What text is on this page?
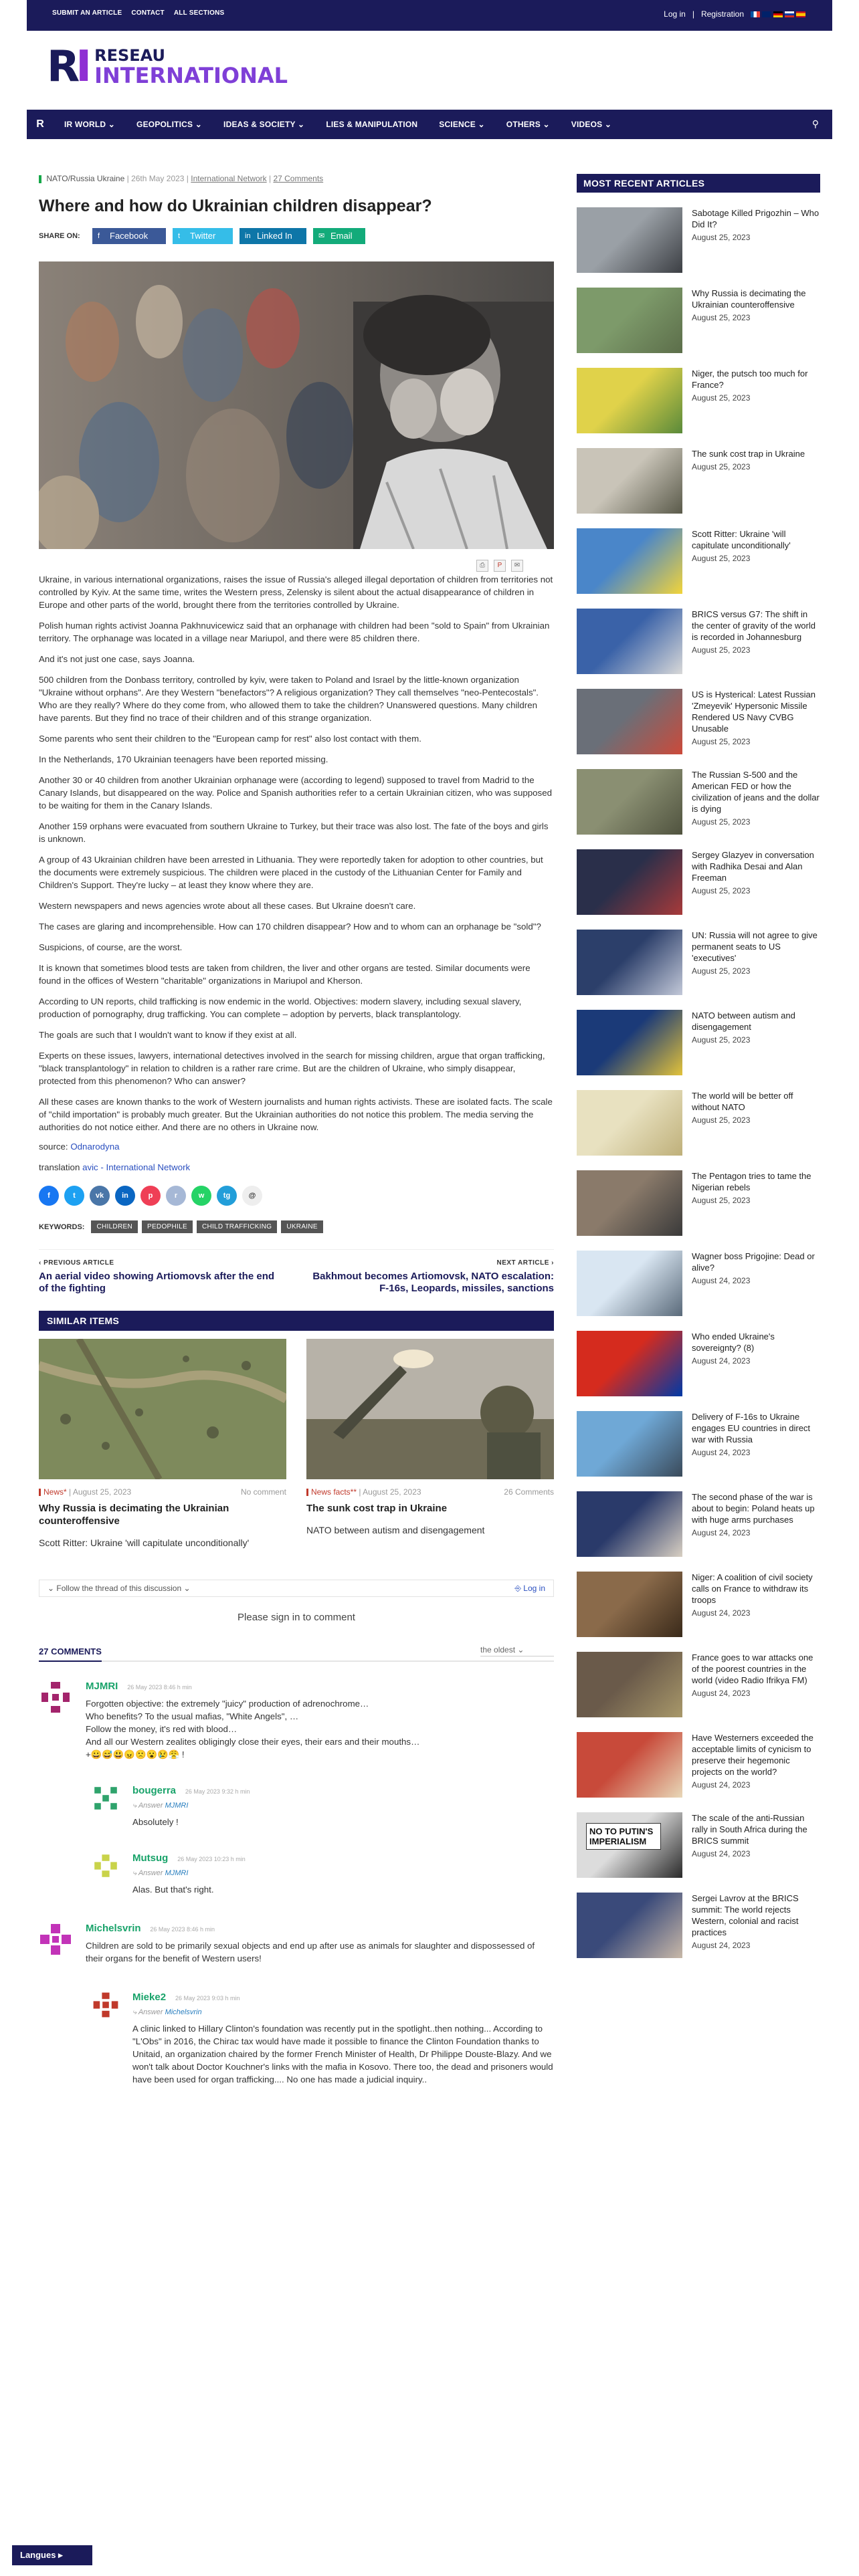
SUBMIT AN ARTICLE CONTACT ALL SECTIONS	Log in | Registration
RI RESEAU
INTERNATIONAL
R	IR WORLD ⌄	GEOPOLITICS ⌄	IDEAS & SOCIETY ⌄	LIES & MANIPULATION	SCIENCE ⌄	OTHERS ⌄	VIDEOS ⌄	⚲
NATO/Russia Ukraine | 26th May 2023 | International Network | 27 Comments
Where and how do Ukrainian children disappear?
SHARE ON:	f Facebook	t Twitter	in Linked In	✉ Email
⎙	P	✉

Ukraine, in various international organizations, raises the issue of Russia's alleged illegal deportation of children from territories not controlled by Kyiv. At the same time, writes the Western press, Zelensky is silent about the actual disappearance of children in Europe and other parts of the world, brought there from the territories controlled by Ukraine.

Polish human rights activist Joanna Pakhnuvicewicz said that an orphanage with children had been "sold to Spain" from Ukrainian territory. The orphanage was located in a village near Mariupol, and there were 85 children there.

And it's not just one case, says Joanna.

500 children from the Donbass territory, controlled by kyiv, were taken to Poland and Israel by the little-known organization "Ukraine without orphans". Are they Western "benefactors"? A religious organization? They call themselves "neo-Pentecostals". Who are they really? Where do they come from, who allowed them to take the children? Unanswered questions. Many children have parents. But they find no trace of their children and of this strange organization.

Some parents who sent their children to the "European camp for rest" also lost contact with them.

In the Netherlands, 170 Ukrainian teenagers have been reported missing.

Another 30 or 40 children from another Ukrainian orphanage were (according to legend) supposed to travel from Madrid to the Canary Islands, but disappeared on the way. Police and Spanish authorities refer to a certain Ukrainian citizen, who was supposed to be waiting for them in the Canary Islands.

Another 159 orphans were evacuated from southern Ukraine to Turkey, but their trace was also lost. The fate of the boys and girls is unknown.

A group of 43 Ukrainian children have been arrested in Lithuania. They were reportedly taken for adoption to other countries, but the documents were extremely suspicious. The children were placed in the custody of the Lithuanian Center for Family and Children's Support. They're lucky – at least they know where they are.

Western newspapers and news agencies wrote about all these cases. But Ukraine doesn't care.

The cases are glaring and incomprehensible. How can 170 children disappear? How and to whom can an orphanage be "sold"?

Suspicions, of course, are the worst.

It is known that sometimes blood tests are taken from children, the liver and other organs are tested. Similar documents were found in the offices of Western "charitable" organizations in Mariupol and Kherson.

According to UN reports, child trafficking is now endemic in the world. Objectives: modern slavery, including sexual slavery, production of pornography, drug trafficking. You can complete – adoption by perverts, black transplantology.

The goals are such that I wouldn't want to know if they exist at all.

Experts on these issues, lawyers, international detectives involved in the search for missing children, argue that organ trafficking, "black transplantology" in relation to children is a rather rare crime. But are the children of Ukraine, who simply disappear, protected from this phenomenon? Who can answer?

All these cases are known thanks to the work of Western journalists and human rights activists. These are isolated facts. The scale of "child importation" is probably much greater. But the Ukrainian authorities do not notice this problem. The media serving the authorities do not notice either. And there are no others in Ukraine now.

source: Odnarodyna
translation avic - International Network
f	t	vk	in	p	r	w	tg	@
KEYWORDS:	CHILDREN	PEDOPHILE	CHILD TRAFFICKING	UKRAINE
‹ PREVIOUS ARTICLE
An aerial video showing Artiomovsk after the end of the fighting
NEXT ARTICLE ›
Bakhmout becomes Artiomovsk, NATO escalation: F-16s, Leopards, missiles, sanctions
SIMILAR ITEMS
News* | August 25, 2023	No comment
Why Russia is decimating the Ukrainian counteroffensive
Scott Ritter: Ukraine 'will capitulate unconditionally'
News facts** | August 25, 2023	26 Comments
The sunk cost trap in Ukraine
NATO between autism and disengagement
⌄ Follow the thread of this discussion ⌄	⎆ Log in
Please sign in to comment
27 COMMENTS	the oldest ⌄
MJMRI 26 May 2023 8:46 h min
Forgotten objective: the extremely "juicy" production of adrenochrome…
Who benefits? To the usual mafias, "White Angels", …
Follow the money, it's red with blood…
And all our Western zealites obligingly close their eyes, their ears and their mouths…
+😀😅😃😠🙁😮😢😤 !
bougerra 26 May 2023 9:32 h min
⤷ Answer MJMRI
Absolutely !
Mutsug 26 May 2023 10:23 h min
⤷ Answer MJMRI
Alas. But that's right.
Michelsvrin 26 May 2023 8:46 h min
Children are sold to be primarily sexual objects and end up after use as animals for slaughter and dispossessed of their organs for the benefit of Western users!
Mieke2 26 May 2023 9:03 h min
⤷ Answer Michelsvrin
A clinic linked to Hillary Clinton's foundation was recently put in the spotlight..then nothing... According to "L'Obs" in 2016, the Chirac tax would have made it possible to finance the Clinton Foundation thanks to Unitaid, an organization chaired by the former French Minister of Health, Dr Philippe Douste-Blazy. And we won't talk about Doctor Kouchner's links with the mafia in Kosovo. There too, the dead and prisoners would have been used for organ trafficking.... No one has made a judicial inquiry..
MOST RECENT ARTICLES
Sabotage Killed Prigozhin – Who Did It?
August 25, 2023
Why Russia is decimating the Ukrainian counteroffensive
August 25, 2023
Niger, the putsch too much for France?
August 25, 2023
The sunk cost trap in Ukraine
August 25, 2023
Scott Ritter: Ukraine 'will capitulate unconditionally'
August 25, 2023
BRICS versus G7: The shift in the center of gravity of the world is recorded in Johannesburg
August 25, 2023
US is Hysterical: Latest Russian 'Zmeyevik' Hypersonic Missile Rendered US Navy CVBG Unusable
August 25, 2023
The Russian S-500 and the American FED or how the civilization of jeans and the dollar is dying
August 25, 2023
Sergey Glazyev in conversation with Radhika Desai and Alan Freeman
August 25, 2023
UN: Russia will not agree to give permanent seats to US 'executives'
August 25, 2023
NATO between autism and disengagement
August 25, 2023
The world will be better off without NATO
August 25, 2023
The Pentagon tries to tame the Nigerian rebels
August 25, 2023
Wagner boss Prigojine: Dead or alive?
August 24, 2023
Who ended Ukraine's sovereignty? (8)
August 24, 2023
Delivery of F-16s to Ukraine engages EU countries in direct war with Russia
August 24, 2023
The second phase of the war is about to begin: Poland heats up with huge arms purchases
August 24, 2023
Niger: A coalition of civil society calls on France to withdraw its troops
August 24, 2023
France goes to war attacks one of the poorest countries in the world (video Radio Ifrikya FM)
August 24, 2023
Have Westerners exceeded the acceptable limits of cynicism to preserve their hegemonic projects on the world?
August 24, 2023
NO TO PUTIN'S IMPERIALISM
The scale of the anti-Russian rally in South Africa during the BRICS summit
August 24, 2023
Sergei Lavrov at the BRICS summit: The world rejects Western, colonial and racist practices
August 24, 2023
Langues ▸
